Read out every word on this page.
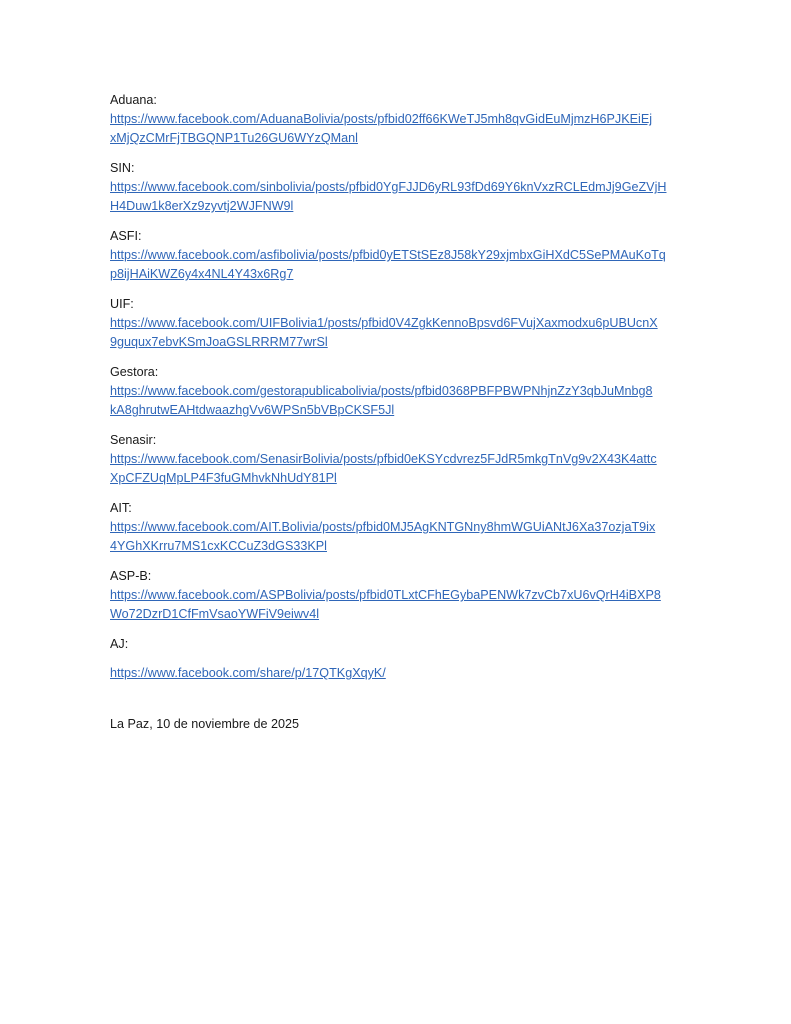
Aduana:
https://www.facebook.com/AduanaBolivia/posts/pfbid02ff66KWeTJ5mh8qvGidEuMjmzH6PJKEiEj
xMjQzCMrFjTBGQNP1Tu26GU6WYzQManl
SIN:
https://www.facebook.com/sinbolivia/posts/pfbid0YgFJJD6yRL93fDd69Y6knVxzRCLEdmJj9GeZVjH
H4Duw1k8erXz9zyvtj2WJFNW9l
ASFI:
https://www.facebook.com/asfibolivia/posts/pfbid0yETStSEz8J58kY29xjmbxGiHXdC5SePMAuKoTq
p8ijHAiKWZ6y4x4NL4Y43x6Rg7
UIF:
https://www.facebook.com/UIFBolivia1/posts/pfbid0V4ZgkKennoBpsvd6FVujXaxmodxu6pUBUcnX
9guqux7ebvKSmJoaGSLRRRM77wrSl
Gestora:
https://www.facebook.com/gestorapublicabolivia/posts/pfbid0368PBFPBWPNhjnZzY3qbJuMnbg8
kA8ghrutwEAHtdwaazhgVv6WPSn5bVBpCKSF5Jl
Senasir:
https://www.facebook.com/SenasirBolivia/posts/pfbid0eKSYcdvrez5FJdR5mkgTnVg9v2X43K4attc
XpCFZUqMpLP4F3fuGMhvkNhUdY81Pl
AIT:
https://www.facebook.com/AIT.Bolivia/posts/pfbid0MJ5AgKNTGNny8hmWGUiANtJ6Xa37ozjaT9ix
4YGhXKrru7MS1cxKCCuZ3dGS33KPl
ASP-B:
https://www.facebook.com/ASPBolivia/posts/pfbid0TLxtCFhEGybaPENWk7zvCb7xU6vQrH4iBXP8
Wo72DzrD1CfFmVsaoYWFiV9eiwv4l
AJ:
https://www.facebook.com/share/p/17QTKgXqyK/
La Paz, 10 de noviembre de 2025
